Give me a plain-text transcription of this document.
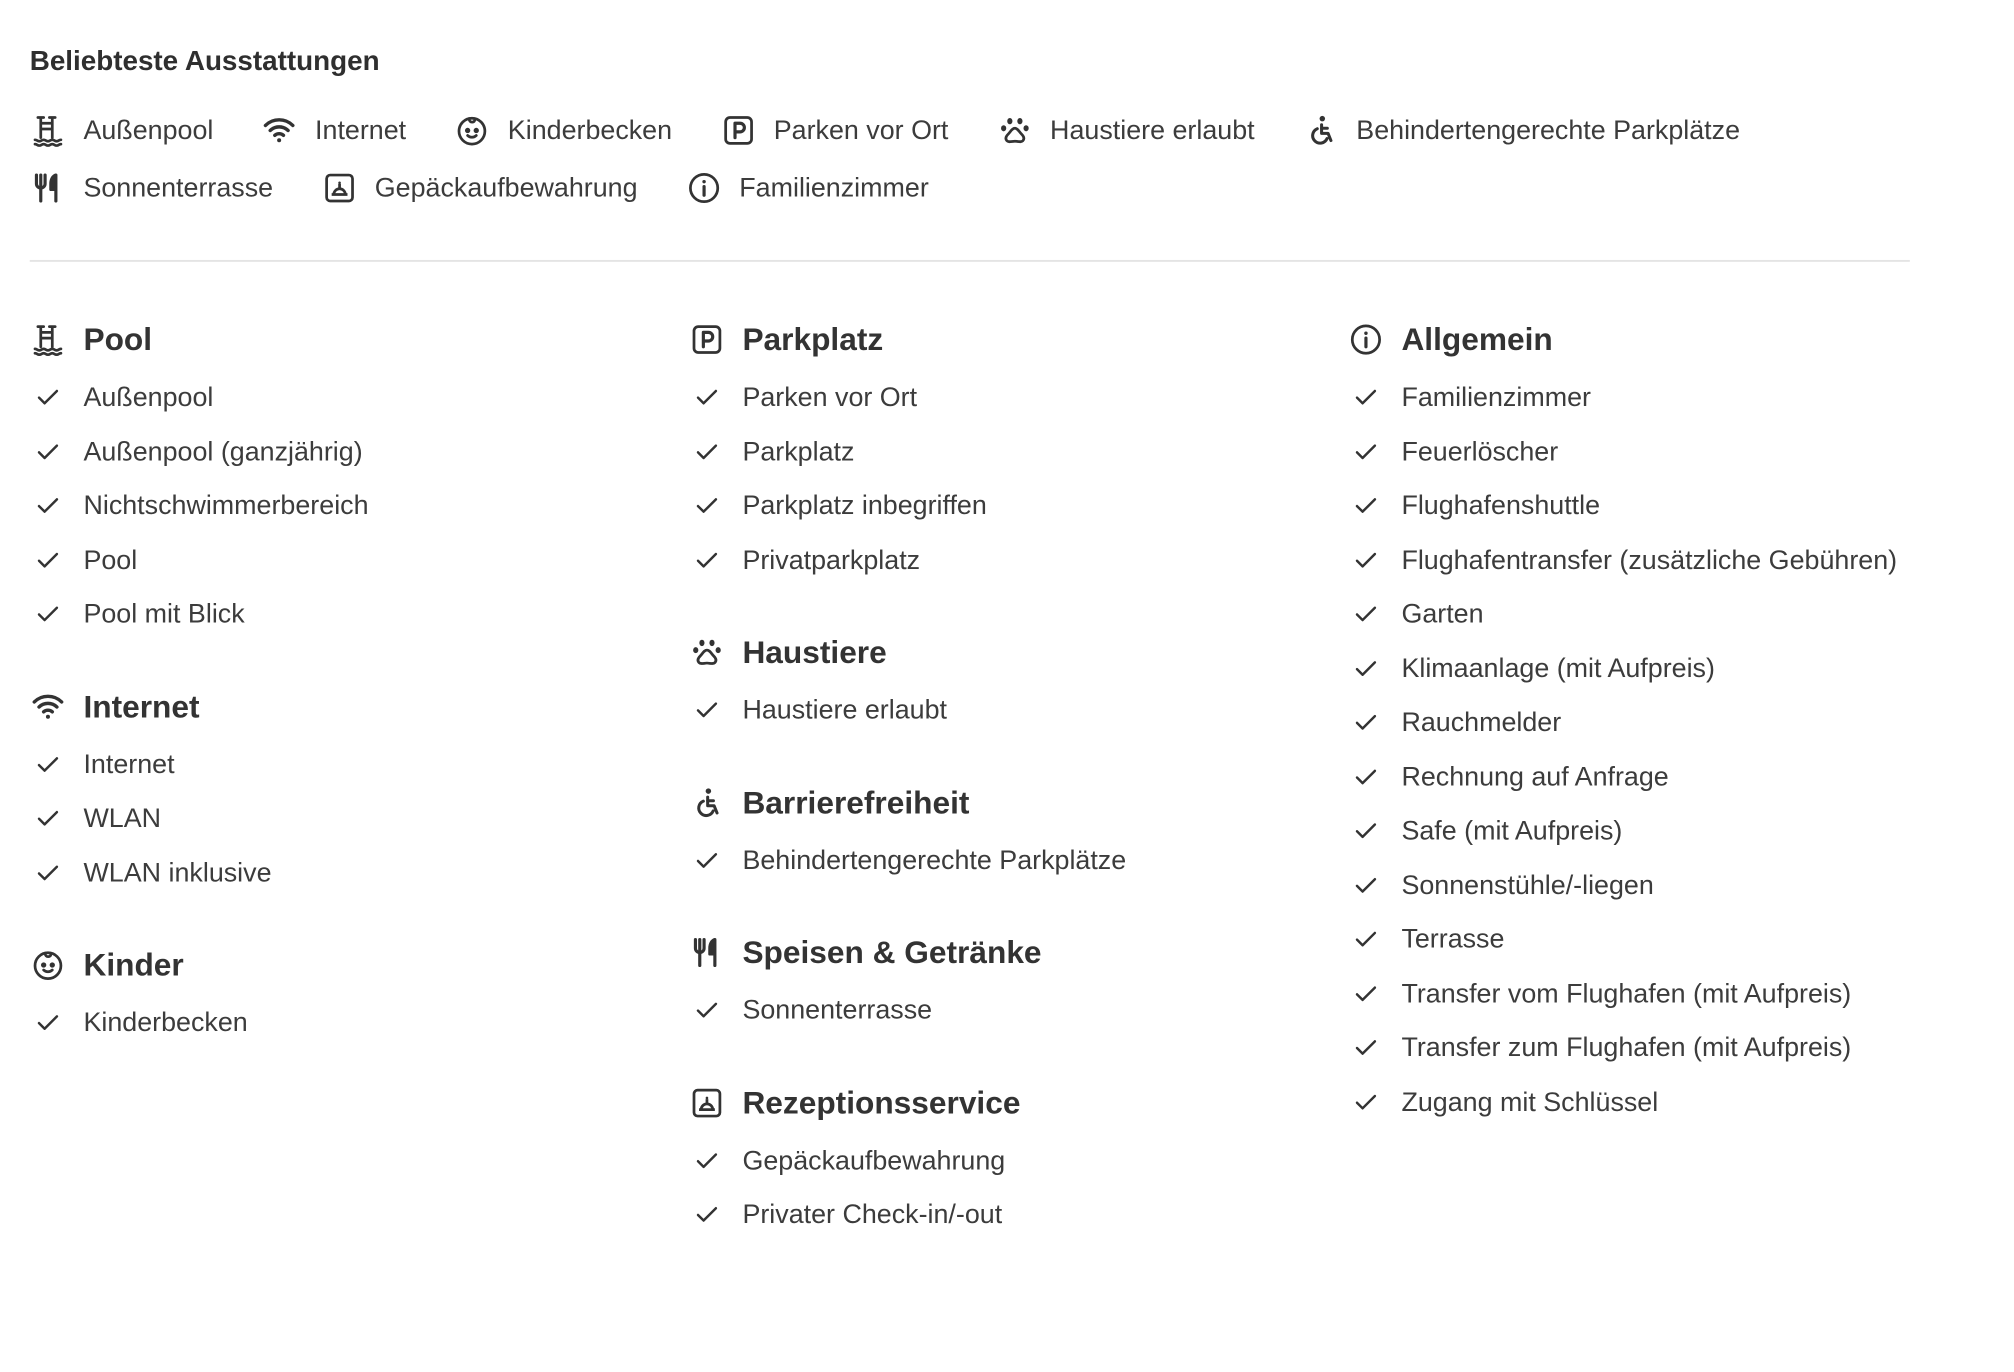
Beliebteste Ausstattungen
Außenpool	Internet	Kinderbecken	Parken vor Ort	Haustiere erlaubt	Behindertengerechte Parkplätze
Sonnenterrasse	Gepäckaufbewahrung	Familienzimmer
Pool
Außenpool
Außenpool (ganzjährig)
Nichtschwimmerbereich
Pool
Pool mit Blick
Internet
Internet
WLAN
WLAN inklusive
Kinder
Kinderbecken
Parkplatz
Parken vor Ort
Parkplatz
Parkplatz inbegriffen
Privatparkplatz
Haustiere
Haustiere erlaubt
Barrierefreiheit
Behindertengerechte Parkplätze
Speisen & Getränke
Sonnenterrasse
Rezeptionsservice
Gepäckaufbewahrung
Privater Check-in/-out
Allgemein
Familienzimmer
Feuerlöscher
Flughafenshuttle
Flughafentransfer (zusätzliche Gebühren)
Garten
Klimaanlage (mit Aufpreis)
Rauchmelder
Rechnung auf Anfrage
Safe (mit Aufpreis)
Sonnenstühle/-liegen
Terrasse
Transfer vom Flughafen (mit Aufpreis)
Transfer zum Flughafen (mit Aufpreis)
Zugang mit Schlüssel
